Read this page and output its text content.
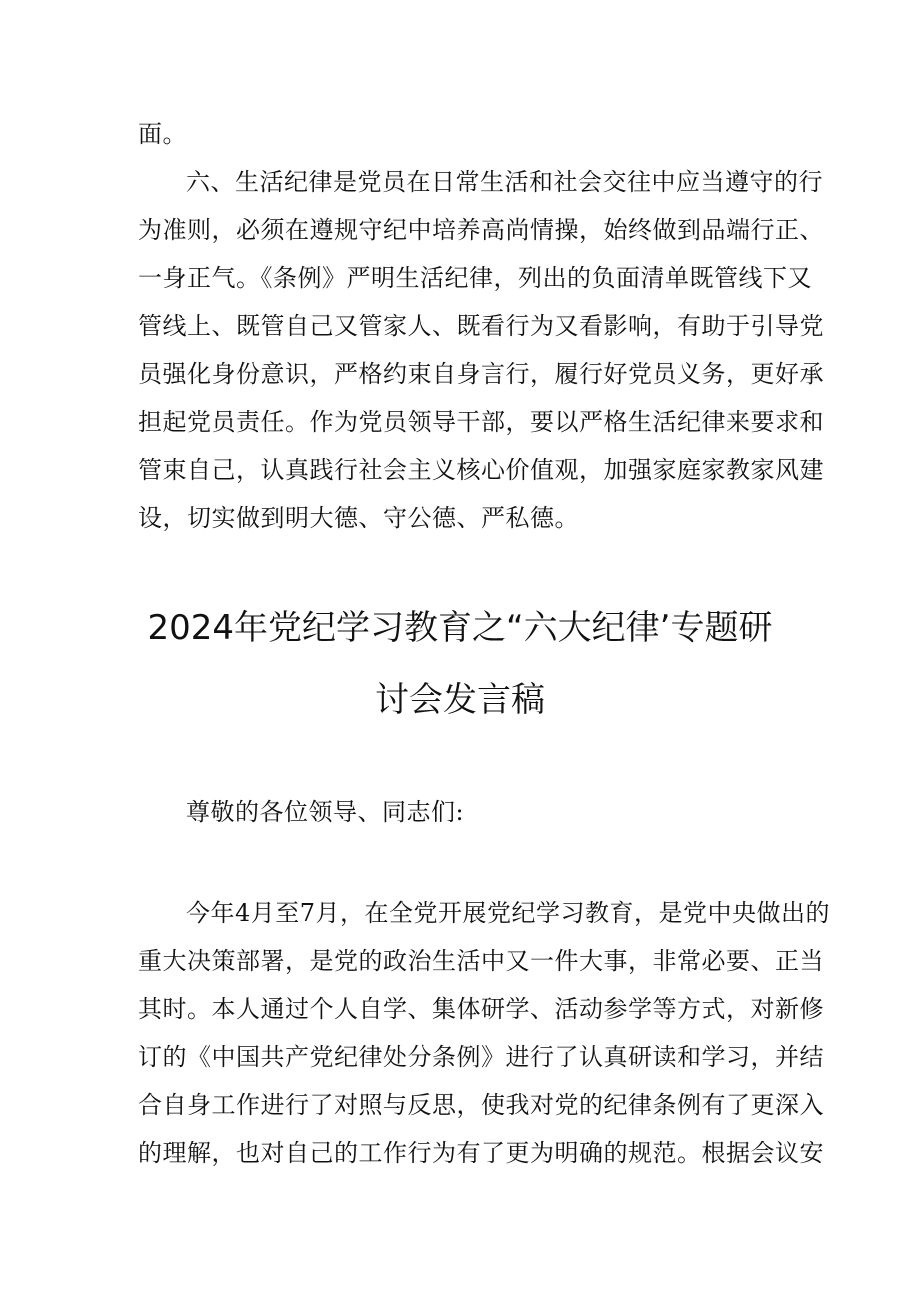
面。

六、生活纪律是党员在日常生活和社会交往中应当遵守的行
为准则，必须在遵规守纪中培养高尚情操，始终做到品端行正、
一身正气。《条例》严明生活纪律，列出的负面清单既管线下又
管线上、既管自己又管家人、既看行为又看影响，有助于引导党
员强化身份意识，严格约束自身言行，履行好党员义务，更好承
担起党员责任。作为党员领导干部，要以严格生活纪律来要求和
管束自己，认真践行社会主义核心价值观，加强家庭家教家风建
设，切实做到明大德、守公德、严私德。

2024年党纪学习教育之“六大纪律’专题研
讨会发言稿

尊敬的各位领导、同志们:

今年4月至7月，在全党开展党纪学习教育，是党中央做出的
重大决策部署，是党的政治生活中又一件大事，非常必要、正当
其时。本人通过个人自学、集体研学、活动参学等方式，对新修
订的《中国共产党纪律处分条例》进行了认真研读和学习，并结
合自身工作进行了对照与反思，使我对党的纪律条例有了更深入
的理解，也对自己的工作行为有了更为明确的规范。根据会议安
